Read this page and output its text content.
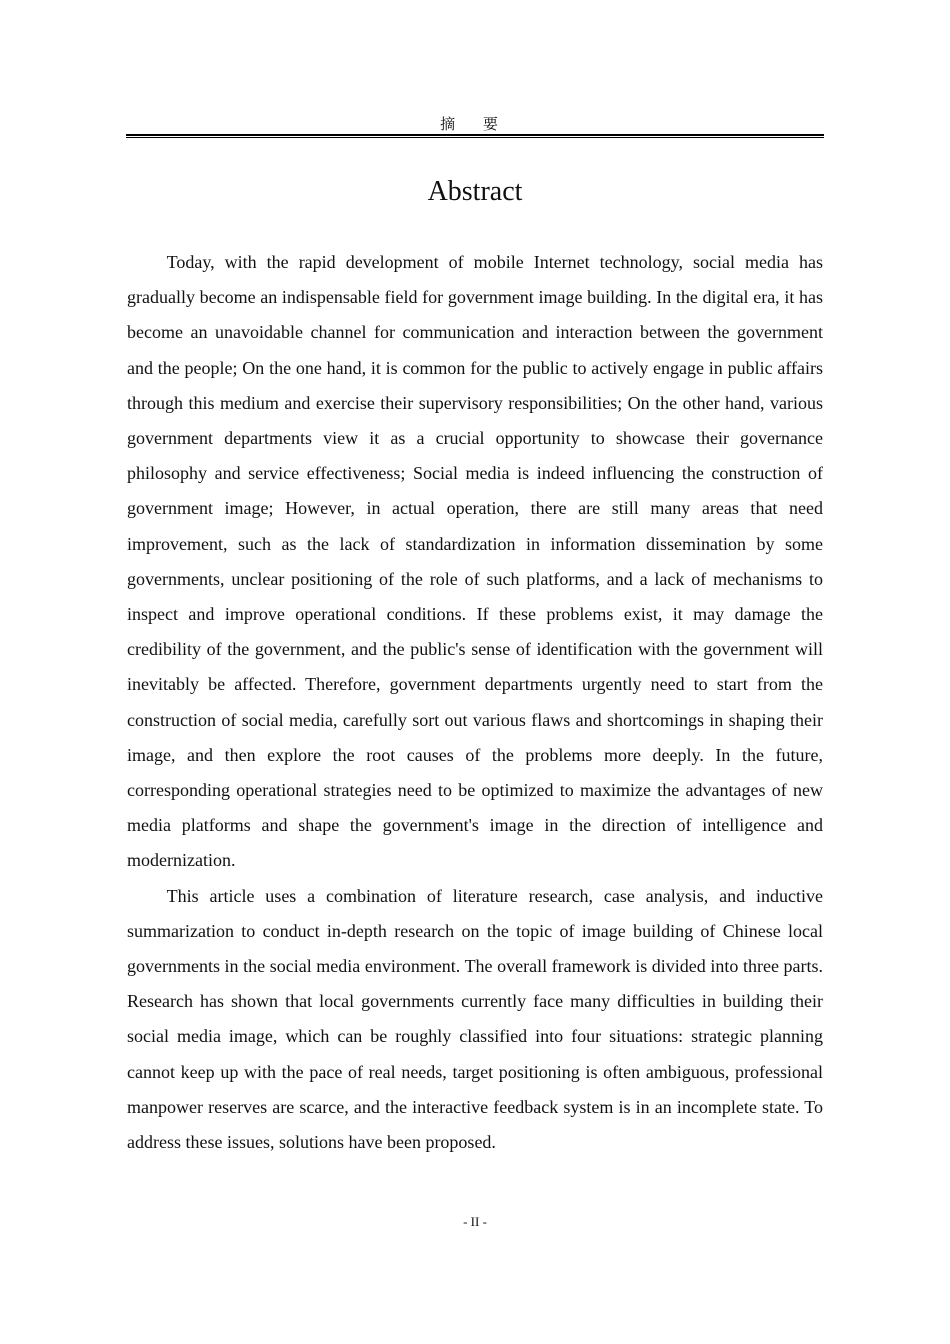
摘 要
Abstract

Today, with the rapid development of mobile Internet technology, social media has gradually become an indispensable field for government image building. In the digital era, it has become an unavoidable channel for communication and interaction between the government and the people; On the one hand, it is common for the public to actively engage in public affairs through this medium and exercise their supervisory responsibilities; On the other hand, various government departments view it as a crucial opportunity to showcase their governance philosophy and service effectiveness; Social media is indeed influencing the construction of government image; However, in actual operation, there are still many areas that need improvement, such as the lack of standardization in information dissemination by some governments, unclear positioning of the role of such platforms, and a lack of mechanisms to inspect and improve operational conditions. If these problems exist, it may damage the credibility of the government, and the public's sense of identification with the government will inevitably be affected. Therefore, government departments urgently need to start from the construction of social media, carefully sort out various flaws and shortcomings in shaping their image, and then explore the root causes of the problems more deeply. In the future, corresponding operational strategies need to be optimized to maximize the advantages of new media platforms and shape the government's image in the direction of intelligence and modernization.

This article uses a combination of literature research, case analysis, and inductive summarization to conduct in-depth research on the topic of image building of Chinese local governments in the social media environment. The overall framework is divided into three parts. Research has shown that local governments currently face many difficulties in building their social media image, which can be roughly classified into four situations: strategic planning cannot keep up with the pace of real needs, target positioning is often ambiguous, professional manpower reserves are scarce, and the interactive feedback system is in an incomplete state. To address these issues, solutions have been proposed.

- II -
